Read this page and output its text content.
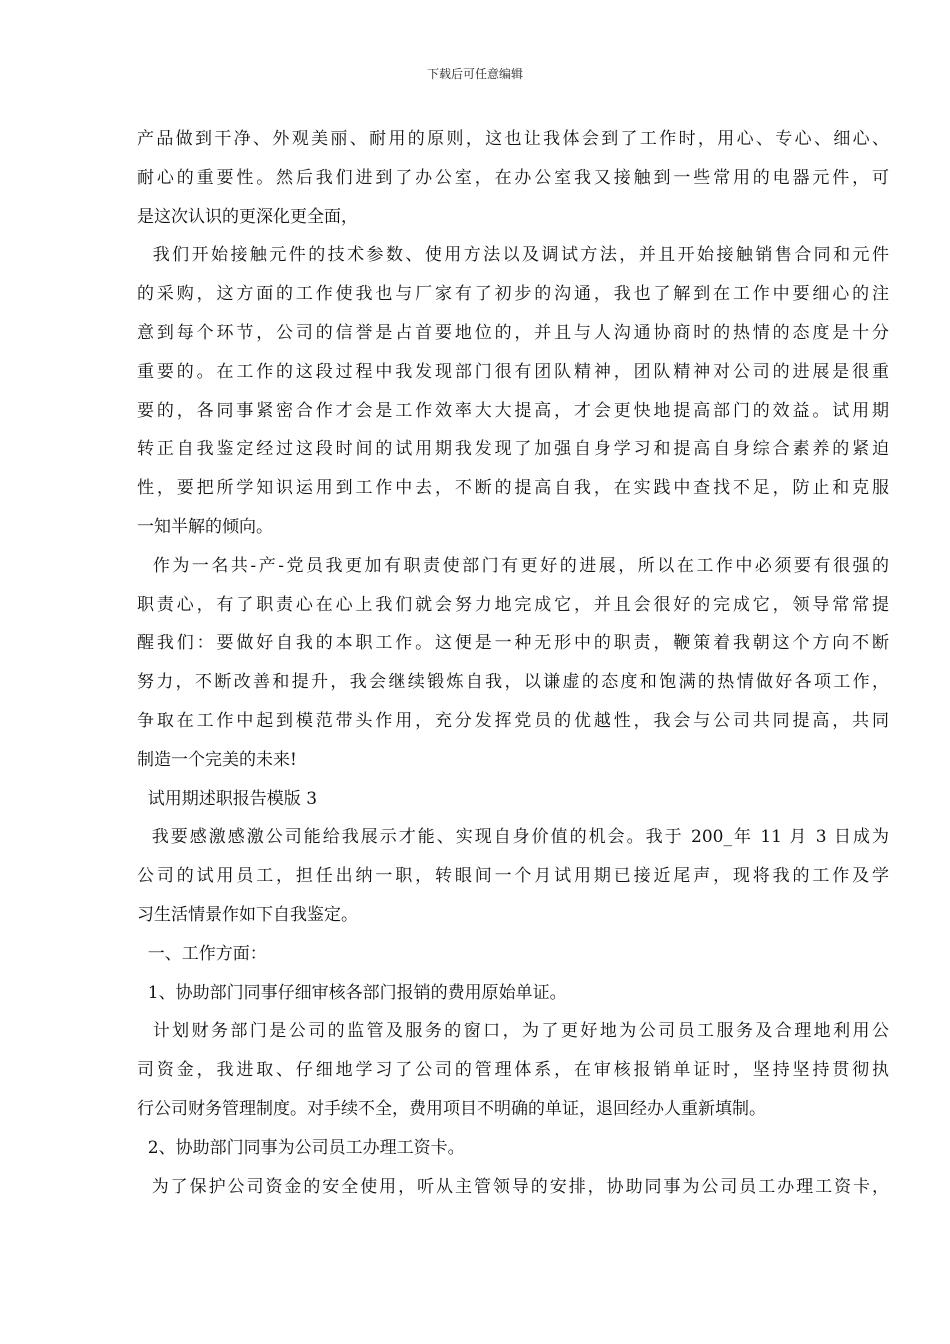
下载后可任意编辑
产品做到干净、外观美丽、耐用的原则，这也让我体会到了工作时，用心、专心、细心、
耐心的重要性。然后我们进到了办公室，在办公室我又接触到一些常用的电器元件，可
是这次认识的更深化更全面，
我们开始接触元件的技术参数、使用方法以及调试方法，并且开始接触销售合同和元件
的采购，这方面的工作使我也与厂家有了初步的沟通，我也了解到在工作中要细心的注
意到每个环节，公司的信誉是占首要地位的，并且与人沟通协商时的热情的态度是十分
重要的。在工作的这段过程中我发现部门很有团队精神，团队精神对公司的进展是很重
要的，各同事紧密合作才会是工作效率大大提高，才会更快地提高部门的效益。试用期
转正自我鉴定经过这段时间的试用期我发现了加强自身学习和提高自身综合素养的紧迫
性，要把所学知识运用到工作中去，不断的提高自我，在实践中查找不足，防止和克服
一知半解的倾向。
作为一名共-产-党员我更加有职责使部门有更好的进展，所以在工作中必须要有很强的
职责心，有了职责心在心上我们就会努力地完成它，并且会很好的完成它，领导常常提
醒我们：要做好自我的本职工作。这便是一种无形中的职责，鞭策着我朝这个方向不断
努力，不断改善和提升，我会继续锻炼自我，以谦虚的态度和饱满的热情做好各项工作，
争取在工作中起到模范带头作用，充分发挥党员的优越性，我会与公司共同提高，共同
制造一个完美的未来!
试用期述职报告模版 3
我要感激感激公司能给我展示才能、实现自身价值的机会。我于 200_年 11 月 3 日成为
公司的试用员工，担任出纳一职，转眼间一个月试用期已接近尾声，现将我的工作及学
习生活情景作如下自我鉴定。
一、工作方面：
1、协助部门同事仔细审核各部门报销的费用原始单证。
计划财务部门是公司的监管及服务的窗口，为了更好地为公司员工服务及合理地利用公
司资金，我进取、仔细地学习了公司的管理体系，在审核报销单证时，坚持坚持贯彻执
行公司财务管理制度。对手续不全，费用项目不明确的单证，退回经办人重新填制。
2、协助部门同事为公司员工办理工资卡。
为了保护公司资金的安全使用，听从主管领导的安排，协助同事为公司员工办理工资卡，
